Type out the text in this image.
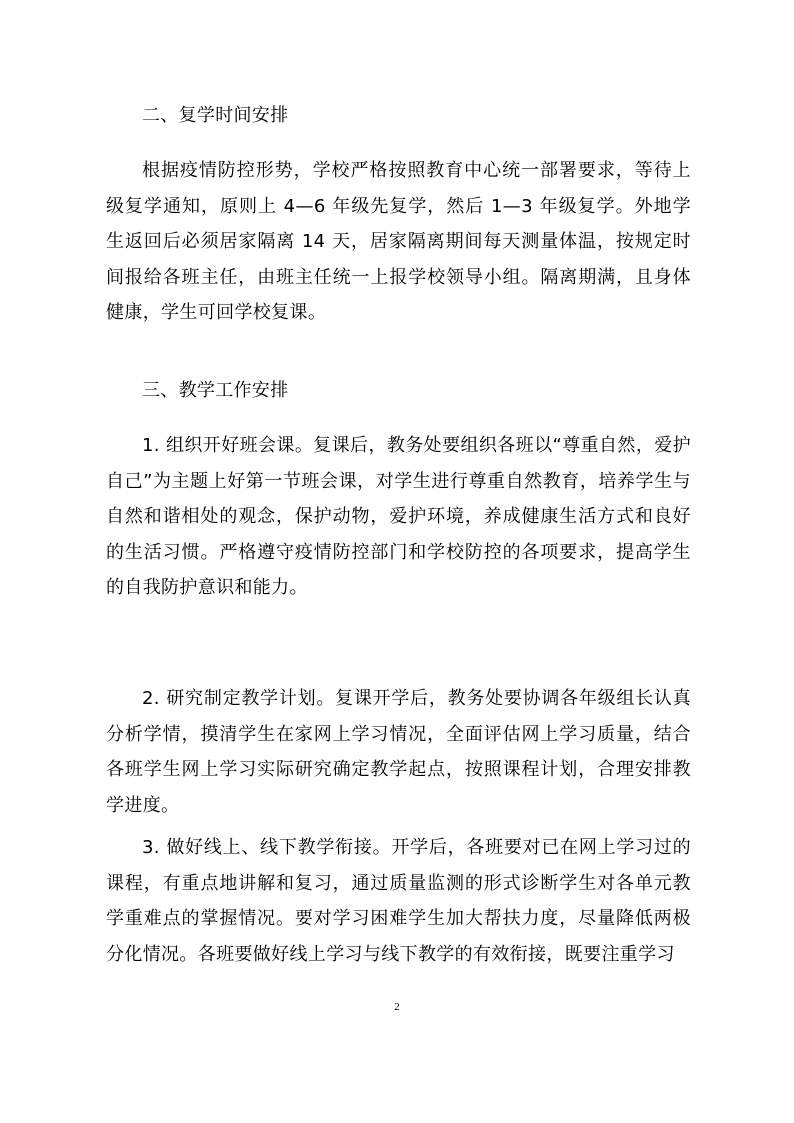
二、复学时间安排

根据疫情防控形势，学校严格按照教育中心统一部署要求，等待上级复学通知，原则上 4—6 年级先复学，然后 1—3 年级复学。外地学生返回后必须居家隔离 14 天，居家隔离期间每天测量体温，按规定时间报给各班主任，由班主任统一上报学校领导小组。隔离期满，且身体健康，学生可回学校复课。

三、教学工作安排

1. 组织开好班会课。复课后，教务处要组织各班以“尊重自然，爱护自己”为主题上好第一节班会课，对学生进行尊重自然教育，培养学生与自然和谐相处的观念，保护动物，爱护环境，养成健康生活方式和良好的生活习惯。严格遵守疫情防控部门和学校防控的各项要求，提高学生的自我防护意识和能力。

2. 研究制定教学计划。复课开学后，教务处要协调各年级组长认真分析学情，摸清学生在家网上学习情况，全面评估网上学习质量，结合各班学生网上学习实际研究确定教学起点，按照课程计划，合理安排教学进度。

3. 做好线上、线下教学衔接。开学后，各班要对已在网上学习过的课程，有重点地讲解和复习，通过质量监测的形式诊断学生对各单元教学重难点的掌握情况。要对学习困难学生加大帮扶力度，尽量降低两极分化情况。各班要做好线上学习与线下教学的有效衔接，既要注重学习

2
